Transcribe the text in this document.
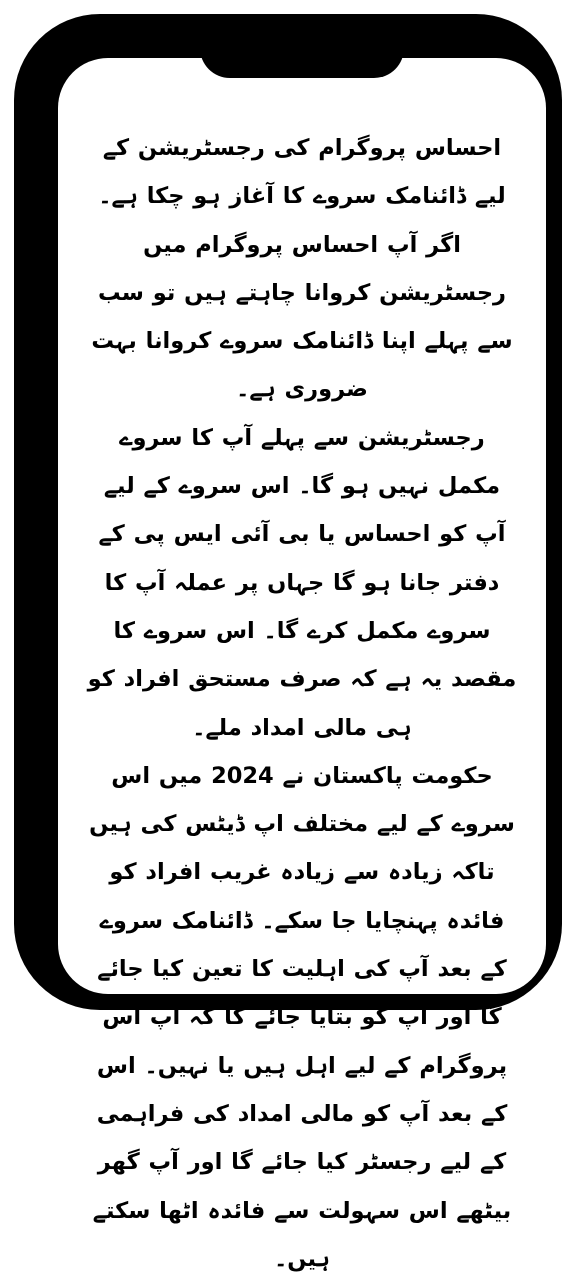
احساس پروگرام کی رجسٹریشن کے لیے ڈائنامک سروے کا آغاز ہو چکا ہے۔ اگر آپ احساس پروگرام میں رجسٹریشن کروانا چاہتے ہیں تو سب سے پہلے اپنا ڈائنامک سروے کروانا بہت ضروری ہے۔

رجسٹریشن سے پہلے آپ کا سروے مکمل نہیں ہو گا۔ اس سروے کے لیے آپ کو احساس یا بی آئی ایس پی کے دفتر جانا ہو گا جہاں پر عملہ آپ کا سروے مکمل کرے گا۔ اس سروے کا مقصد یہ ہے کہ صرف مستحق افراد کو ہی مالی امداد ملے۔

حکومت پاکستان نے 2024 میں اس سروے کے لیے مختلف اپ ڈیٹس کی ہیں تاکہ زیادہ سے زیادہ غریب افراد کو فائدہ پہنچایا جا سکے۔ ڈائنامک سروے کے بعد آپ کی اہلیت کا تعین کیا جائے گا اور آپ کو بتایا جائے گا کہ آپ اس پروگرام کے لیے اہل ہیں یا نہیں۔ اس کے بعد آپ کو مالی امداد کی فراہمی کے لیے رجسٹر کیا جائے گا اور آپ گھر بیٹھے اس سہولت سے فائدہ اٹھا سکتے ہیں۔
